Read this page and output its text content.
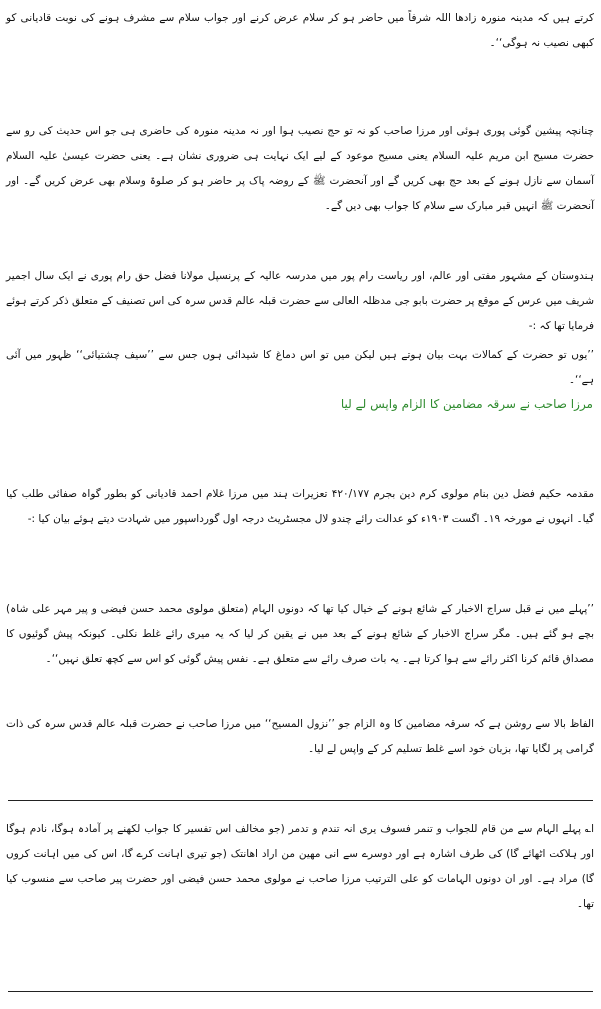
کرتے ہیں کہ مدینہ منورہ زادھا اللہ شرفاً میں حاضر ہو کر سلام عرض کرنے اور جواب سلام سے مشرف ہونے کی نوبت قادیانی کو کبھی نصیب نہ ہوگی‘‘۔

چنانچہ پیشین گوئی پوری ہوئی اور مرزا صاحب کو نہ تو حج نصیب ہوا اور نہ مدینہ منورہ کی حاضری ہی جو اس حدیث کی رو سے حضرت مسیح ابن مریم علیہ السلام یعنی مسیح موعود کے لیے ایک نہایت ہی ضروری نشان ہے۔ یعنی حضرت عیسیٰ علیہ السلام آسمان سے نازل ہونے کے بعد حج بھی کریں گے اور آنحضرت ﷺ کے روضہ پاک پر حاضر ہو کر صلوۃ وسلام بھی عرض کریں گے۔ اور آنحضرت ﷺ انہیں قبر مبارک سے سلام کا جواب بھی دیں گے۔

ہندوستان کے مشہور مفتی اور عالم، اور ریاست رام پور میں مدرسہ عالیہ کے پرنسپل مولانا فضل حق رام پوری نے ایک سال اجمیر شریف میں عرس کے موقع پر حضرت بابو جی مدظلہ العالی سے حضرت قبلہ عالم قدس سرہ کی اس تصنیف کے متعلق ذکر کرتے ہوئے فرمایا تھا کہ :-

’’یوں تو حضرت کے کمالات بہت بیان ہوتے ہیں لیکن میں تو اس دماغ کا شیدائی ہوں جس سے ’’سیف چشتیائی‘‘ ظہور میں آئی ہے‘‘۔

مرزا صاحب نے سرقہ مضامین کا الزام واپس لے لیا

مقدمہ حکیم فضل دین بنام مولوی کرم دین بجرم ۴۲۰/۱۷۷ تعزیرات ہند میں مرزا غلام احمد قادیانی کو بطور گواہ صفائی طلب کیا گیا۔ انہوں نے مورخہ ۱۹۔ اگست ۱۹۰۳ء کو عدالت رائے چندو لال مجسٹریٹ درجہ اول گورداسپور میں شہادت دیتے ہوئے بیان کیا :-

’’پہلے میں نے قبل سراج الاخبار کے شائع ہونے کے خیال کیا تھا کہ دونوں الہام (متعلق مولوی محمد حسن فیضی و پیر مہر علی شاہ) بچے ہو گئے ہیں۔ مگر سراج الاخبار کے شائع ہونے کے بعد میں نے یقین کر لیا کہ یہ میری رائے غلط نکلی۔ کیونکہ پیش گوئیوں کا مصداق قائم کرنا اکثر رائے سے ہوا کرتا ہے۔ یہ بات صرف رائے سے متعلق ہے۔ نفس پیش گوئی کو اس سے کچھ تعلق نہیں‘‘۔

الفاظ بالا سے روشن ہے کہ سرقہ مضامین کا وہ الزام جو ’’نزول المسیح‘‘ میں مرزا صاحب نے حضرت قبلہ عالم قدس سرہ کی ذات گرامی پر لگایا تھا، بزبان خود اسے غلط تسلیم کر کے واپس لے لیا۔

ا؎ پہلے الہام سے من قام للجواب و تنمر فسوف یری انہ تندم و تدمر (جو مخالف اس تفسیر کا جواب لکھنے پر آمادہ ہوگا، نادم ہوگا اور ہلاکت اٹھائے گا) کی طرف اشارہ ہے اور دوسرے سے انی مھین من اراد اھانتک (جو تیری اہانت کرے گا، اس کی میں اہانت کروں گا) مراد ہے۔ اور ان دونوں الہامات کو علی الترتیب مرزا صاحب نے مولوی محمد حسن فیضی اور حضرت پیر صاحب سے منسوب کیا تھا۔
